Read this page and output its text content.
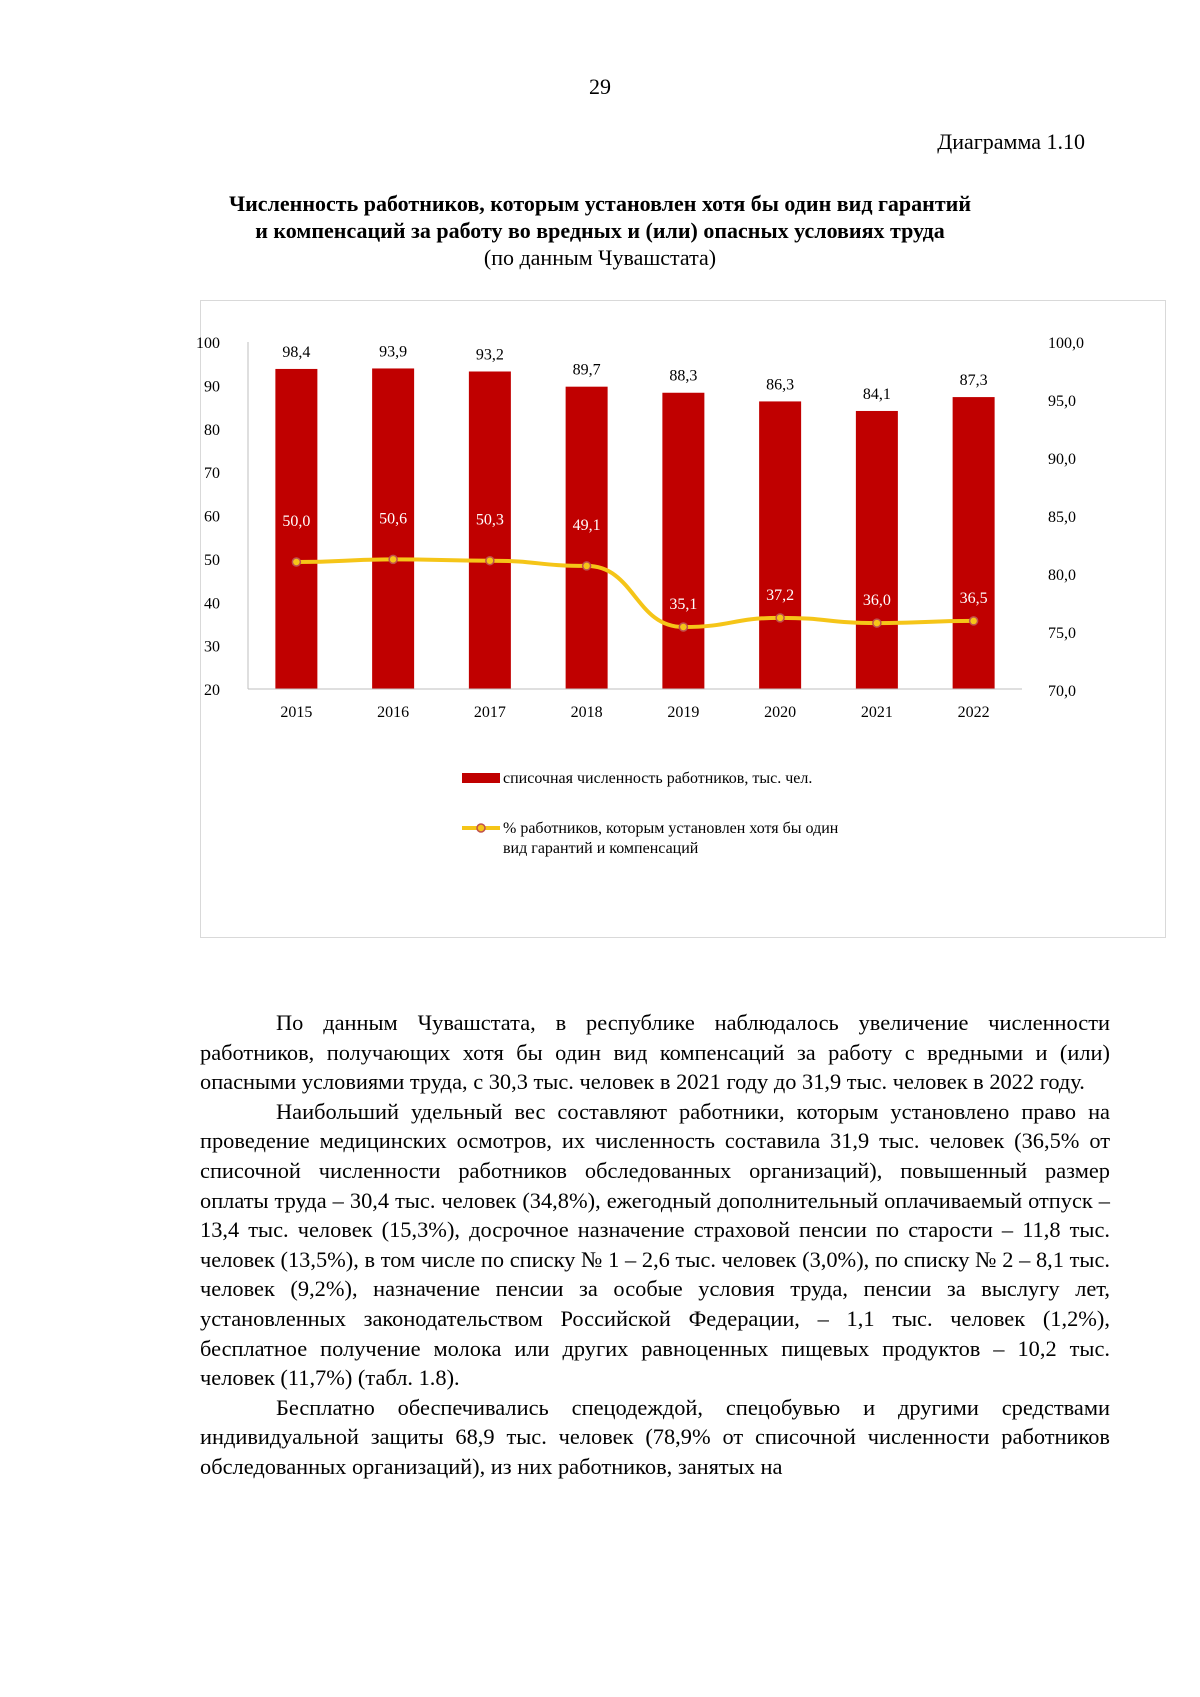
29
Диаграмма 1.10
Численность работников, которым установлен хотя бы один вид гарантий
и компенсаций за работу во вредных и (или) опасных условиях труда
(по данным Чувашстата)
20
30
40
50
60
70
80
90
100
70,0
75,0
80,0
85,0
90,0
95,0
100,0
98,4	93,9	93,2
89,7	88,3
86,3
84,1
87,3
2015	2016	2017	2018	2019	2020	2021	2022
50,0	50,6	50,3	49,1
35,1
37,2	36,0	36,5
списочная численность работников, тыс. чел.
% работников, которым установлен хотя бы один
вид гарантий и компенсаций

По данным Чувашстата, в республике наблюдалось увеличение численности работников, получающих хотя бы один вид компенсаций за работу с вредными и (или) опасными условиями труда, с 30,3 тыс. человек в 2021 году до 31,9 тыс. человек в 2022 году.

Наибольший удельный вес составляют работники, которым установлено право на проведение медицинских осмотров, их численность составила 31,9 тыс. человек (36,5% от списочной численности работников обследованных организаций), повышенный размер оплаты труда – 30,4 тыс. человек (34,8%), ежегодный дополнительный оплачиваемый отпуск – 13,4 тыс. человек (15,3%), досрочное назначение страховой пенсии по старости – 11,8 тыс. человек (13,5%), в том числе по списку № 1 – 2,6 тыс. человек (3,0%), по списку № 2 – 8,1 тыс. человек (9,2%), назначение пенсии за особые условия труда, пенсии за выслугу лет, установленных законодательством Российской Федерации, – 1,1 тыс. человек (1,2%), бесплатное получение молока или других равноценных пищевых продуктов – 10,2 тыс. человек (11,7%) (табл. 1.8).

Бесплатно обеспечивались спецодеждой, спецобувью и другими средствами индивидуальной защиты 68,9 тыс. человек (78,9% от списочной численности работников обследованных организаций), из них работников, занятых на
